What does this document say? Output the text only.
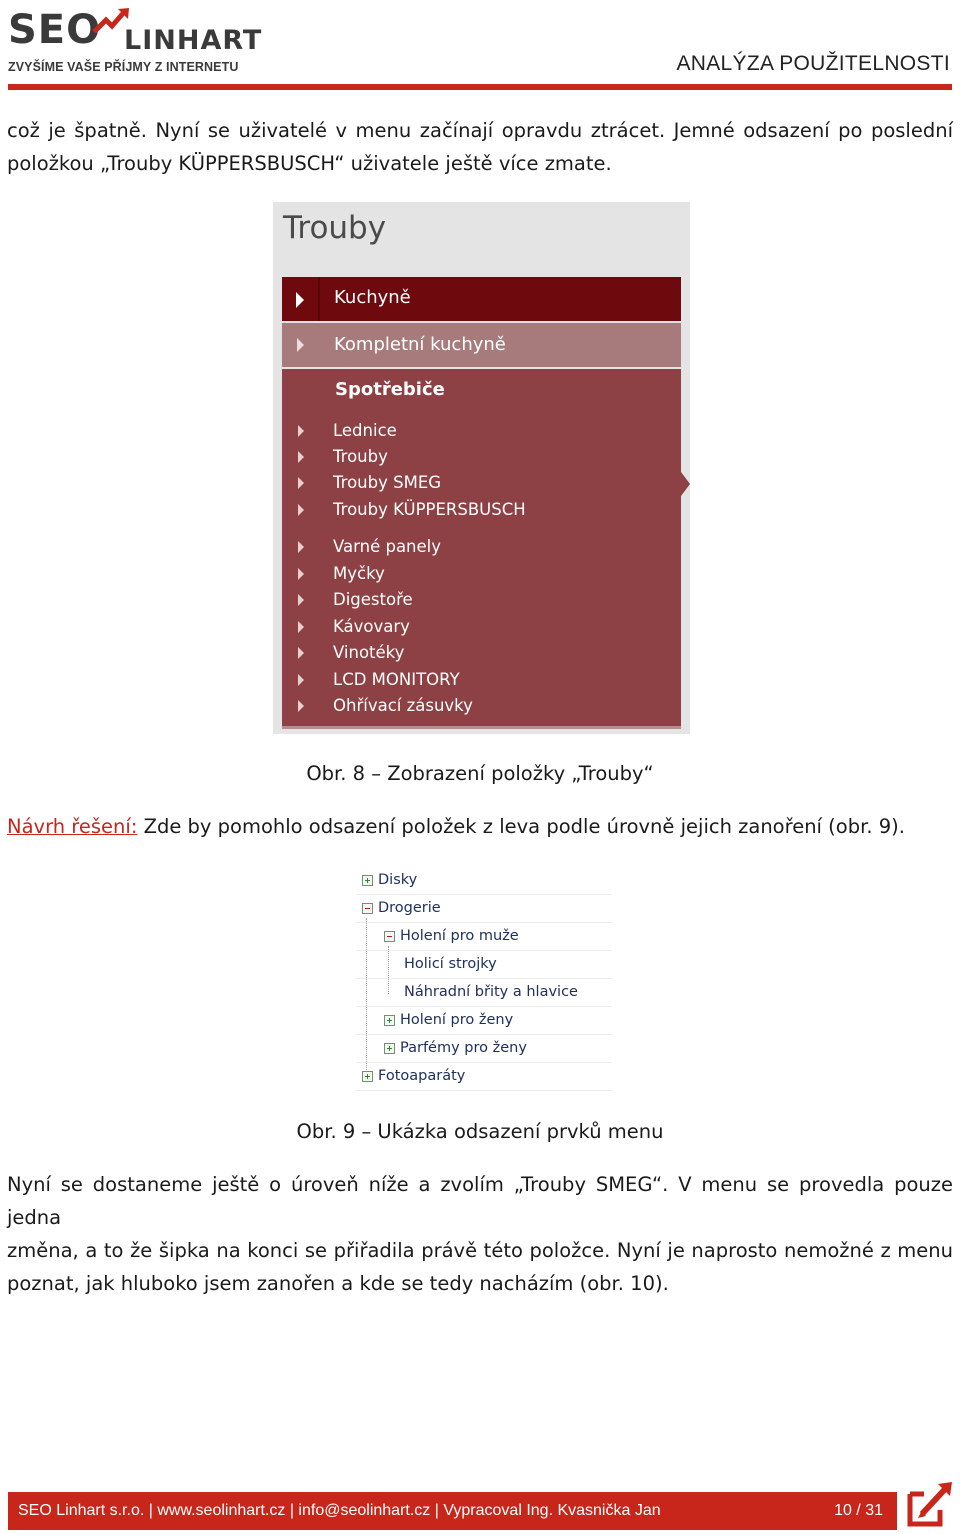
SEO LINHART
ZVYŠÍME VAŠE PŘÍJMY Z INTERNETU	ANALÝZA POUŽITELNOSTI
což je špatně. Nyní se uživatelé v menu začínají opravdu ztrácet. Jemné odsazení po poslední
položkou „Trouby KÜPPERSBUSCH“ uživatele ještě více zmate.
Trouby
Kuchyně
Kompletní kuchyně
Spotřebiče
Lednice
Trouby
Trouby SMEG
Trouby KÜPPERSBUSCH
Varné panely
Myčky
Digestoře
Kávovary
Vinotéky
LCD MONITORY
Ohřívací zásuvky
Obr. 8 – Zobrazení položky „Trouby“
Návrh řešení: Zde by pomohlo odsazení položek z leva podle úrovně jejich zanoření (obr. 9).
Disky
Drogerie
Holení pro muže
Holicí strojky
Náhradní břity a hlavice
Holení pro ženy
Parfémy pro ženy
Fotoaparáty
Obr. 9 – Ukázka odsazení prvků menu
Nyní se dostaneme ještě o úroveň níže a zvolím „Trouby SMEG“. V menu se provedla pouze jedna
změna, a to že šipka na konci se přiřadila právě této položce. Nyní je naprosto nemožné z menu
poznat, jak hluboko jsem zanořen a kde se tedy nacházím (obr. 10).
SEO Linhart s.r.o. | www.seolinhart.cz | info@seolinhart.cz | Vypracoval Ing. Kvasnička Jan	10 / 31
